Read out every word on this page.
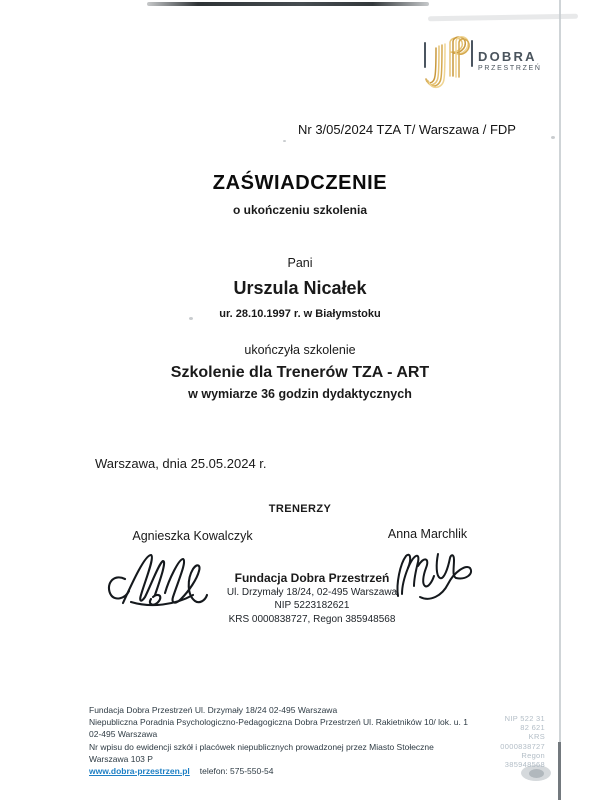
DOBRA
PRZESTRZEŃ
Nr 3/05/2024 TZA T/ Warszawa / FDP
ZAŚWIADCZENIE
o ukończeniu szkolenia
Pani
Urszula Nicałek
ur. 28.10.1997 r. w Białymstoku
ukończyła szkolenie
Szkolenie dla Trenerów TZA - ART
w wymiarze 36 godzin dydaktycznych
Warszawa, dnia 25.05.2024 r.
TRENERZY
Agnieszka Kowalczyk	Anna Marchlik
Fundacja Dobra Przestrzeń
Ul. Drzymały 18/24, 02-495 Warszawa
NIP 5223182621
KRS 0000838727, Regon 385948568
Fundacja Dobra Przestrzeń Ul. Drzymały 18/24 02-495 Warszawa
Niepubliczna Poradnia Psychologiczno-Pedagogiczna Dobra Przestrzeń Ul. Rakietników 10/ lok. u. 1 02-495 Warszawa
Nr wpisu do ewidencji szkół i placówek niepublicznych prowadzonej przez Miasto Stołeczne Warszawa 103 P
www.dobra-przestrzen.pl telefon: 575-550-54
NIP 522 31
82 621
KRS
0000838727
Regon
385948568
